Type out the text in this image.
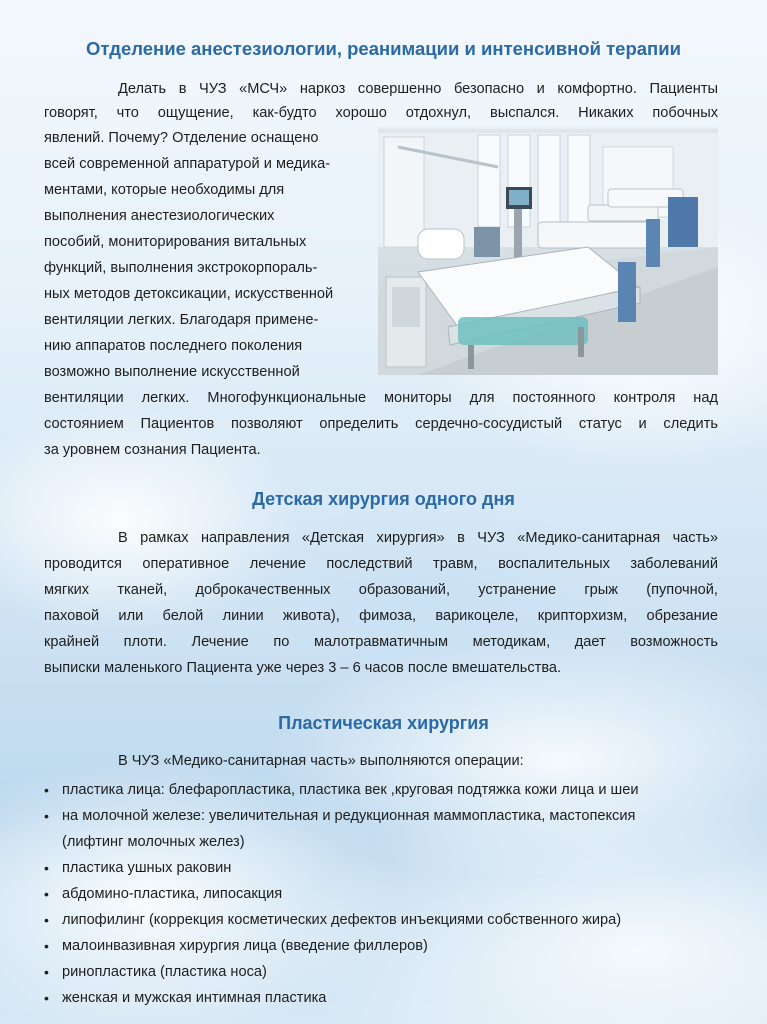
Отделение анестезиологии, реанимации и интенсивной терапии

Делать в ЧУЗ «МСЧ» наркоз совершенно безопасно и комфортно. Пациенты

говорят, что ощущение, как-будто хорошо отдохнул, выспался. Никаких побочных

явлений. Почему? Отделение оснащено

всей современной аппаратурой и медика-

ментами, которые необходимы для

выполнения анестезиологических

пособий, мониторирования витальных

функций, выполнения экстрокорпораль-

ных методов детоксикации, искусственной

вентиляции легких. Благодаря примене-

нию аппаратов последнего поколения

возможно выполнение искусственной

вентиляции легких. Многофункциональные мониторы для постоянного контроля над

состоянием Пациентов позволяют определить сердечно-сосудистый статус и следить

за уровнем сознания Пациента.

Детская хирургия одного дня

В рамках направления «Детская хирургия» в ЧУЗ «Медико-санитарная часть»

проводится оперативное лечение последствий травм, воспалительных заболеваний

мягких тканей, доброкачественных образований, устранение грыж (пупочной,

паховой или белой линии живота), фимоза, варикоцеле, крипторхизм, обрезание

крайней плоти. Лечение по малотравматичным методикам, дает возможность

выписки маленького Пациента уже через 3 – 6 часов после вмешательства.

Пластическая хирургия

В ЧУЗ «Медико-санитарная часть» выполняются операции:

• пластика лица: блефаропластика, пластика век ,круговая подтяжка кожи лица и шеи

• на молочной железе: увеличительная и редукционная маммопластика, мастопексия

(лифтинг молочных желез)

• пластика ушных раковин

• абдомино-пластика, липосакция

• липофилинг (коррекция косметических дефектов инъекциями собственного жира)

• малоинвазивная хирургия лица (введение филлеров)

• ринопластика (пластика носа)

• женская и мужская интимная пластика
